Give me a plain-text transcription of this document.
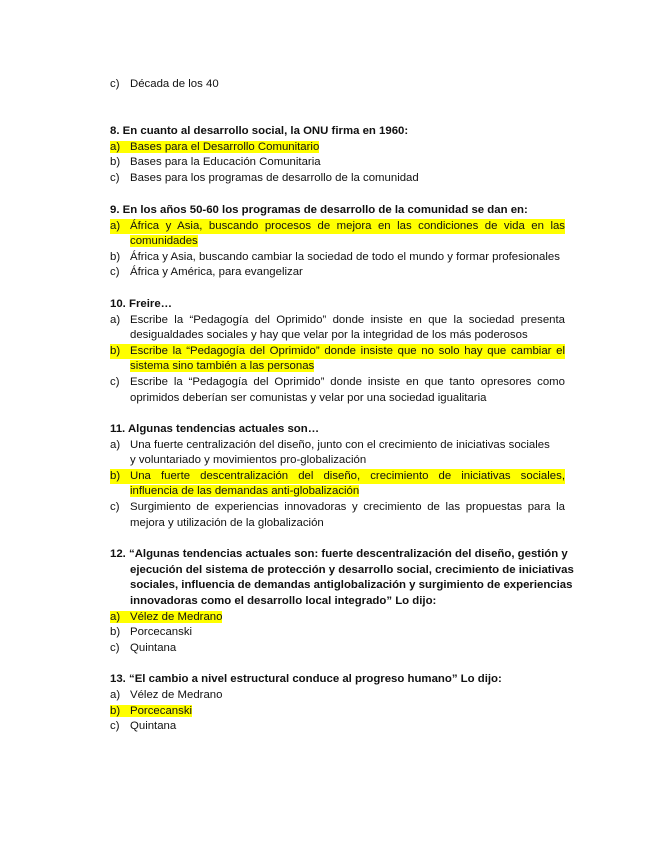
c) Década de los 40
8. En cuanto al desarrollo social, la ONU firma en 1960:
a) Bases para el Desarrollo Comunitario
b) Bases para la Educación Comunitaria
c) Bases para los programas de desarrollo de la comunidad
9. En los años 50-60 los programas de desarrollo de la comunidad se dan en:
a) África y Asia, buscando procesos de mejora en las condiciones de vida en las
comunidades
b) África y Asia, buscando cambiar la sociedad de todo el mundo y formar profesionales
c) África y América, para evangelizar
10. Freire…
a) Escribe la “Pedagogía del Oprimido” donde insiste en que la sociedad presenta
desigualdades sociales y hay que velar por la integridad de los más poderosos
b) Escribe la “Pedagogía del Oprimido” donde insiste que no solo hay que cambiar el
sistema sino también a las personas
c) Escribe la “Pedagogía del Oprimido” donde insiste en que tanto opresores como
oprimidos deberían ser comunistas y velar por una sociedad igualitaria
11. Algunas tendencias actuales son…
a) Una fuerte centralización del diseño, junto con el crecimiento de iniciativas sociales
y voluntariado y movimientos pro-globalización
b) Una fuerte descentralización del diseño, crecimiento de iniciativas sociales,
influencia de las demandas anti-globalización
c) Surgimiento de experiencias innovadoras y crecimiento de las propuestas para la
mejora y utilización de la globalización
12. “Algunas tendencias actuales son: fuerte descentralización del diseño, gestión y
ejecución del sistema de protección y desarrollo social, crecimiento de iniciativas
sociales, influencia de demandas antiglobalización y surgimiento de experiencias
innovadoras como el desarrollo local integrado” Lo dijo:
a) Vélez de Medrano
b) Porcecanski
c) Quintana
13. “El cambio a nivel estructural conduce al progreso humano” Lo dijo:
a) Vélez de Medrano
b) Porcecanski
c) Quintana
